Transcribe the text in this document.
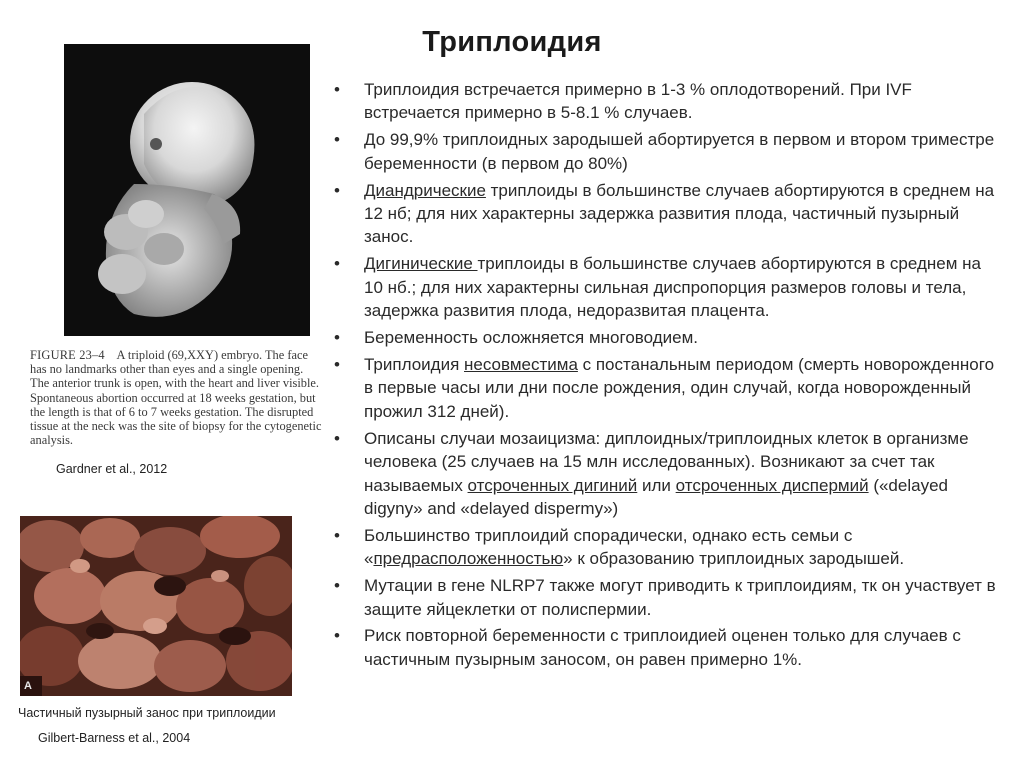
Триплоидия
FIGURE 23–4 A triploid (69,XXY) embryo. The face has no landmarks other than eyes and a single opening. The anterior trunk is open, with the heart and liver visible. Spontaneous abortion occurred at 18 weeks gestation, but the length is that of 6 to 7 weeks gestation. The disrupted tissue at the neck was the site of biopsy for the cytogenetic analysis.
Gardner et al., 2012
A
Частичный пузырный занос при триплоидии
Gilbert-Barness et al., 2004
• Триплоидия встречается примерно в 1-3 % оплодотворений. При IVF встречается примерно в 5-8.1 % случаев.
• До 99,9% триплоидных зародышей абортируется в первом и втором триместре беременности (в первом до 80%)
• Диандрические триплоиды в большинстве случаев абортируются в среднем на 12 нб; для них характерны задержка развития плода, частичный пузырный занос.
• Дигинические триплоиды в большинстве случаев абортируются в среднем на 10 нб.; для них характерны сильная диспропорция размеров головы и тела, задержка развития плода, недоразвитая плацента.
• Беременность осложняется многоводием.
• Триплоидия несовместима с постанальным периодом (смерть новорожденного в первые часы или дни после рождения, один случай, когда новорожденный прожил 312 дней).
• Описаны случаи мозаицизма: диплоидных/триплоидных клеток в организме человека (25 случаев на 15 млн исследованных). Возникают за счет так называемых отсроченных дигиний или отсроченных диспермий («delayed digyny» and «delayed dispermy»)
• Большинство триплоидий спорадически, однако есть семьи с «предрасположенностью» к образованию триплоидных зародышей.
• Мутации в гене NLRP7 также могут приводить к триплоидиям, тк он участвует в защите яйцеклетки от полиспермии.
• Риск повторной беременности с триплоидией оценен только для случаев с частичным пузырным заносом, он равен примерно 1%.
